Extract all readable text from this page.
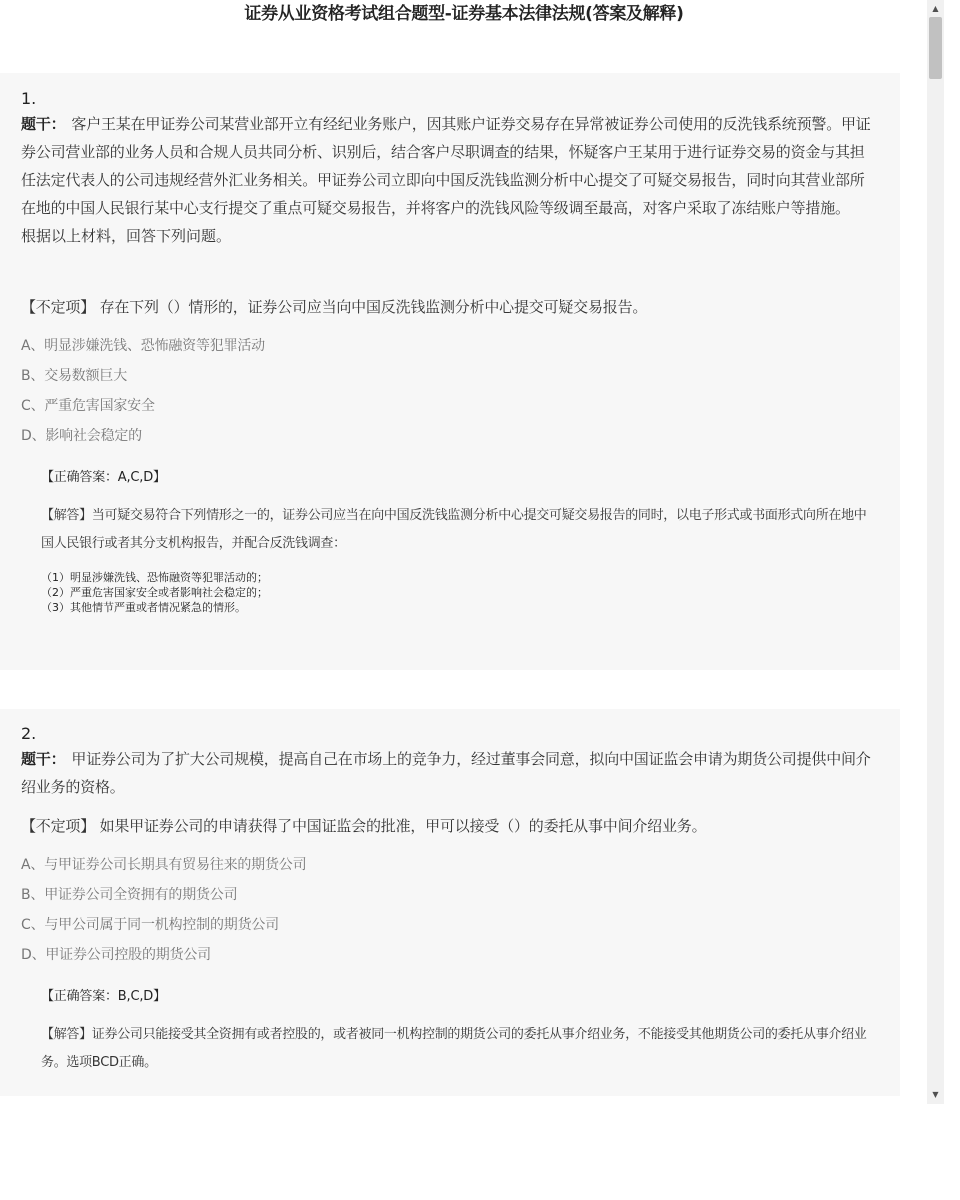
证券从业资格考试组合题型-证券基本法律法规(答案及解释)	▲
▼
1.
题干： 客户王某在甲证券公司某营业部开立有经纪业务账户，因其账户证券交易存在异常被证券公司使用的反洗钱系统预警。甲证券公司营业部的业务人员和合规人员共同分析、识别后，结合客户尽职调查的结果，怀疑客户王某用于进行证券交易的资金与其担任法定代表人的公司违规经营外汇业务相关。甲证券公司立即向中国反洗钱监测分析中心提交了可疑交易报告，同时向其营业部所在地的中国人民银行某中心支行提交了重点可疑交易报告，并将客户的洗钱风险等级调至最高，对客户采取了冻结账户等措施。
根据以上材料，回答下列问题。
【不定项】 存在下列（）情形的，证券公司应当向中国反洗钱监测分析中心提交可疑交易报告。
A、明显涉嫌洗钱、恐怖融资等犯罪活动
B、交易数额巨大
C、严重危害国家安全
D、影响社会稳定的
【正确答案：A,C,D】
【解答】当可疑交易符合下列情形之一的，证券公司应当在向中国反洗钱监测分析中心提交可疑交易报告的同时，以电子形式或书面形式向所在地中国人民银行或者其分支机构报告，并配合反洗钱调查：
（1）明显涉嫌洗钱、恐怖融资等犯罪活动的；
（2）严重危害国家安全或者影响社会稳定的；
（3）其他情节严重或者情况紧急的情形。
2.
题干： 甲证券公司为了扩大公司规模，提高自己在市场上的竞争力，经过董事会同意，拟向中国证监会申请为期货公司提供中间介绍业务的资格。
【不定项】 如果甲证券公司的申请获得了中国证监会的批准，甲可以接受（）的委托从事中间介绍业务。
A、与甲证券公司长期具有贸易往来的期货公司
B、甲证券公司全资拥有的期货公司
C、与甲公司属于同一机构控制的期货公司
D、甲证券公司控股的期货公司
【正确答案：B,C,D】
【解答】证券公司只能接受其全资拥有或者控股的，或者被同一机构控制的期货公司的委托从事介绍业务，不能接受其他期货公司的委托从事介绍业务。选项BCD正确。
